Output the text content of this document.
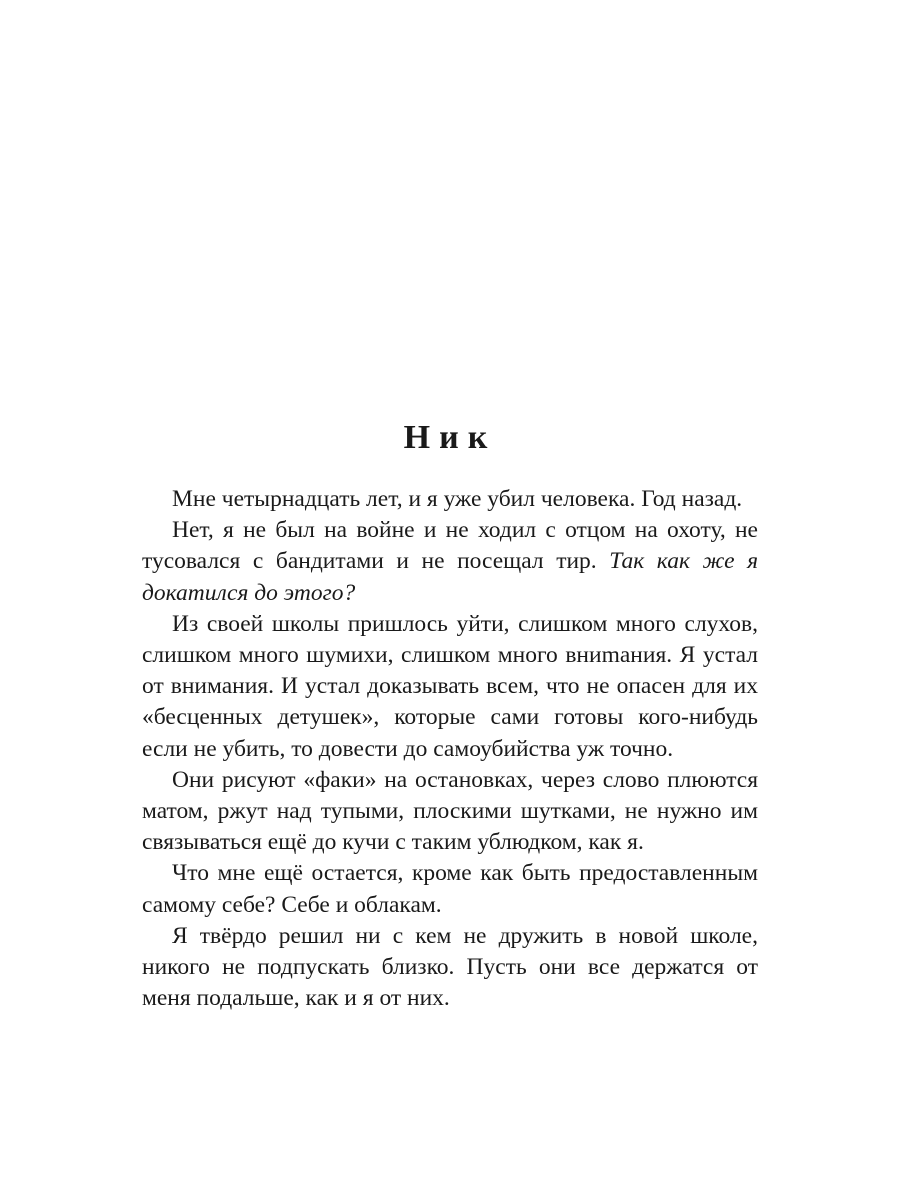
Ник

Мне четырнадцать лет, и я уже убил человека. Год назад.

Нет, я не был на войне и не ходил с отцом на охоту, не тусовался с бандитами и не посещал тир. Так как же я докатился до этого?

Из своей школы пришлось уйти, слишком много слухов, слишком много шумихи, слишком много вниmания. Я устал от внимания. И устал доказывать всем, что не опасен для их «бесценных детушек», которые сами готовы кого-нибудь если не убить, то довести до самоубийства уж точно.

Они рисуют «факи» на остановках, через слово плюются матом, ржут над тупыми, плоскими шутками, не нужно им связываться ещё до кучи с таким ублюдком, как я.

Что мне ещё остается, кроме как быть предоставленным самому себе? Себе и облакам.

Я твёрдо решил ни с кем не дружить в новой школе, никого не подпускать близко. Пусть они все держатся от меня подальше, как и я от них.
